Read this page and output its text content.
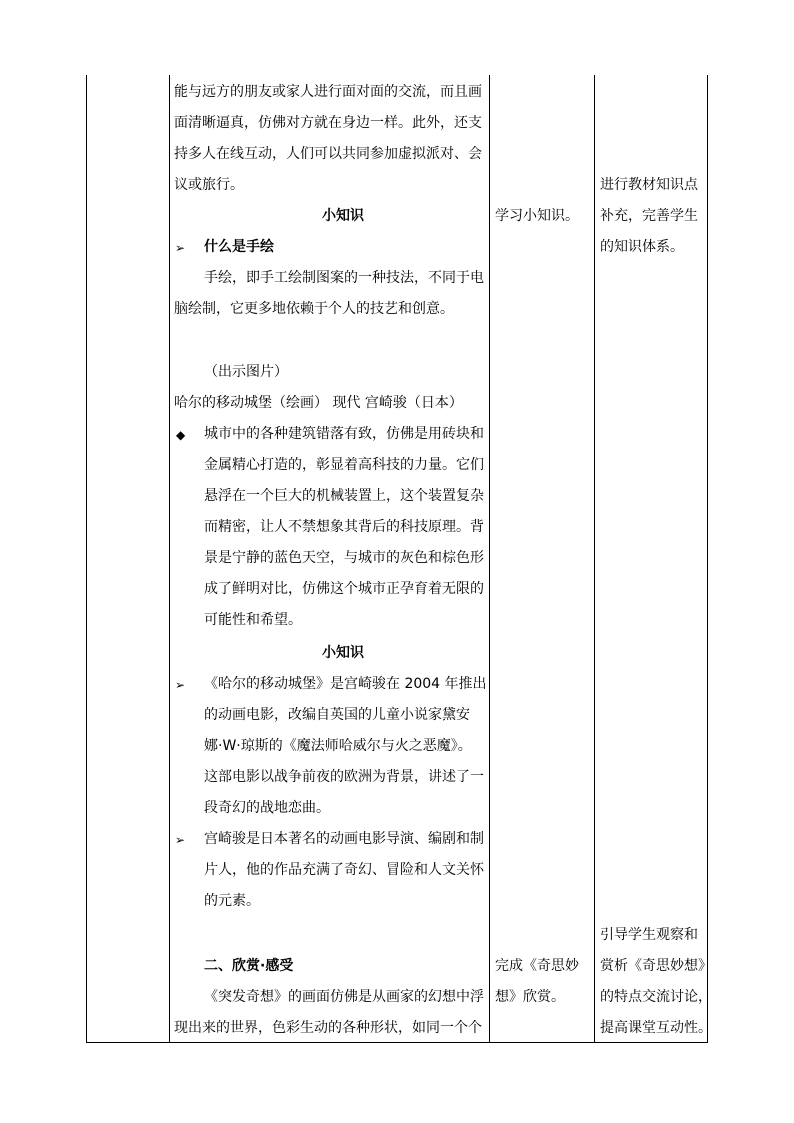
能与远方的朋友或家人进行面对面的交流，而且画
面清晰逼真，仿佛对方就在身边一样。此外，还支
持多人在线互动，人们可以共同参加虚拟派对、会
议或旅行。
小知识
➢ 什么是手绘
手绘，即手工绘制图案的一种技法，不同于电
脑绘制，它更多地依赖于个人的技艺和创意。
（出示图片）
哈尔的移动城堡（绘画） 现代 宫崎骏（日本）
◆ 城市中的各种建筑错落有致，仿佛是用砖块和
金属精心打造的，彰显着高科技的力量。它们
悬浮在一个巨大的机械装置上，这个装置复杂
而精密，让人不禁想象其背后的科技原理。背
景是宁静的蓝色天空，与城市的灰色和棕色形
成了鲜明对比，仿佛这个城市正孕育着无限的
可能性和希望。
小知识
➢ 《哈尔的移动城堡》是宫崎骏在 2004 年推出
的动画电影，改编自英国的儿童小说家黛安
娜·W·琼斯的《魔法师哈威尔与火之恶魔》。
这部电影以战争前夜的欧洲为背景，讲述了一
段奇幻的战地恋曲。
➢ 宫崎骏是日本著名的动画电影导演、编剧和制
片人，他的作品充满了奇幻、冒险和人文关怀
的元素。
二、欣赏·感受
《突发奇想》的画面仿佛是从画家的幻想中浮
现出来的世界，色彩生动的各种形状，如同一个个
学习小知识。
完成《奇思妙
想》欣赏。
进行教材知识点
补充，完善学生
的知识体系。
引导学生观察和
赏析《奇思妙想》
的特点交流讨论，
提高课堂互动性。
